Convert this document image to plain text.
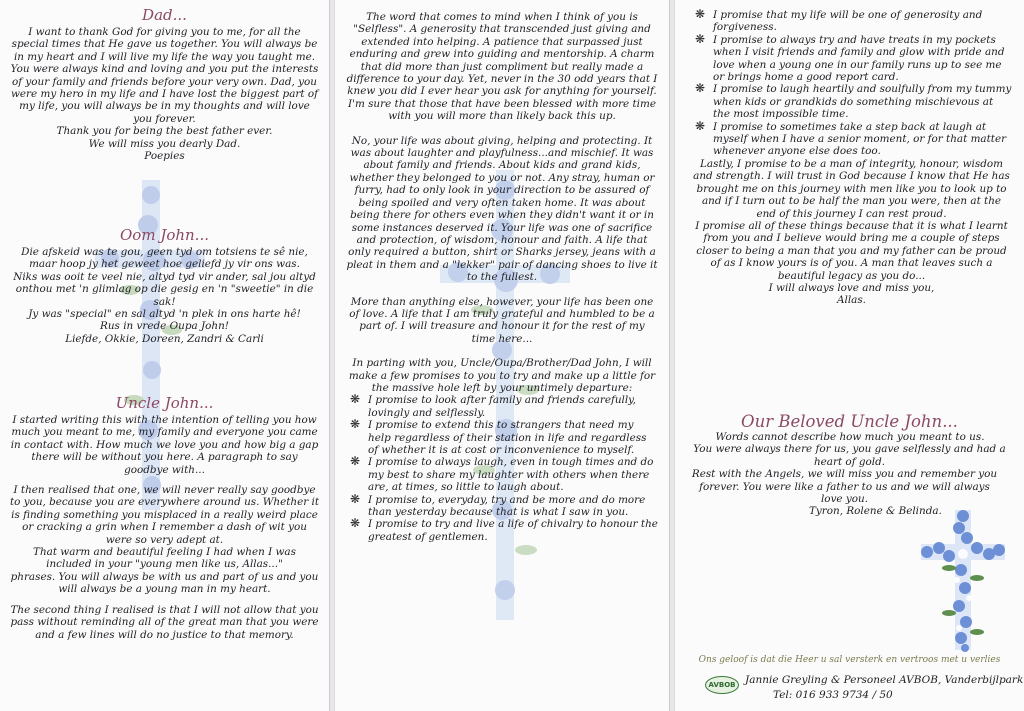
Dad...
I want to thank God for giving you to me, for all the special times that He gave us together. You will always be in my heart and I will live my life the way you taught me. You were always kind and loving and you put the interests of your family and friends before your very own. Dad, you were my hero in my life and I have lost the biggest part of my life, you will always be in my thoughts and will love you forever.
Thank you for being the best father ever.
We will miss you dearly Dad.
Poepies
Oom John...
Die afskeid was te gou, geen tyd om totsiens te sê nie, maar hoop jy het geweet hoe geliefd jy vir ons was.
Niks was ooit te veel nie, altyd tyd vir ander, sal jou altyd onthou met 'n glimlag op die gesig en 'n "sweetie" in die sak!
Jy was "special" en sal altyd 'n plek in ons harte hê!
Rus in vrede Oupa John!
Liefde, Okkie, Doreen, Zandri & Carli
Uncle John...
I started writing this with the intention of telling you how much you meant to me, my family and everyone you came in contact with. How much we love you and how big a gap there will be without you here. A paragraph to say goodbye with...
I then realised that one, we will never really say goodbye to you, because you are everywhere around us. Whether it is finding something you misplaced in a really weird place or cracking a grin when I remember a dash of wit you were so very adept at.
That warm and beautiful feeling I had when I was included in your "young men like us, Allas..."
phrases. You will always be with us and part of us and you will always be a young man in my heart.
The second thing I realised is that I will not allow that you pass without reminding all of the great man that you were and a few lines will do no justice to that memory.
The word that comes to mind when I think of you is "Selfless". A generosity that transcended just giving and extended into helping. A patience that surpassed just enduring and grew into guiding and mentorship. A charm that did more than just compliment but really made a difference to your day. Yet, never in the 30 odd years that I knew you did I ever hear you ask for anything for yourself. I'm sure that those that have been blessed with more time with you will more than likely back this up.
No, your life was about giving, helping and protecting. It was about laughter and playfulness...and mischief. It was about family and friends. About kids and grand kids, whether they belonged to you or not. Any stray, human or furry, had to only look in your direction to be assured of being spoiled and very often taken home. It was about being there for others even when they didn't want it or in some instances deserved it. Your life was one of sacrifice and protection, of wisdom, honour and faith. A life that only required a button, shirt or Sharks jersey, jeans with a pleat in them and a "lekker" pair of dancing shoes to live it to the fullest.
More than anything else, however, your life has been one of love. A life that I am truly grateful and humbled to be a part of. I will treasure and honour it for the rest of my time here...
In parting with you, Uncle/Oupa/Brother/Dad John, I will make a few promises to you to try and make up a little for the massive hole left by your untimely departure:
❋ I promise to look after family and friends carefully, lovingly and selflessly.
❋ I promise to extend this to strangers that need my help regardless of their station in life and regardless of whether it is at cost or inconvenience to myself.
❋ I promise to always laugh, even in tough times and do my best to share my laughter with others when there are, at times, so little to laugh about.
❋ I promise to, everyday, try and be more and do more than yesterday because that is what I saw in you.
❋ I promise to try and live a life of chivalry to honour the greatest of gentlemen.
❋ I promise that my life will be one of generosity and forgiveness.
❋ I promise to always try and have treats in my pockets when I visit friends and family and glow with pride and love when a young one in our family runs up to see me or brings home a good report card.
❋ I promise to laugh heartily and soulfully from my tummy when kids or grandkids do something mischievous at the most impossible time.
❋ I promise to sometimes take a step back at laugh at myself when I have a senior moment, or for that matter whenever anyone else does too.
Lastly, I promise to be a man of integrity, honour, wisdom and strength. I will trust in God because I know that He has brought me on this journey with men like you to look up to and if I turn out to be half the man you were, then at the end of this journey I can rest proud.
I promise all of these things because that it is what I learnt from you and I believe would bring me a couple of steps closer to being a man that you and my father can be proud of as I know yours is of you. A man that leaves such a beautiful legacy as you do...
I will always love and miss you,
Allas.
Our Beloved Uncle John...
Words cannot describe how much you meant to us.
You were always there for us, you gave selflessly and had a heart of gold.
Rest with the Angels, we will miss you and remember you forever. You were like a father to us and we will always love you.
Tyron, Rolene & Belinda.
Ons geloof is dat die Heer u sal versterk en vertroos met u verlies
AVBOB Jannie Greyling & Personeel AVBOB, Vanderbijlpark
Tel: 016 933 9734 / 50
